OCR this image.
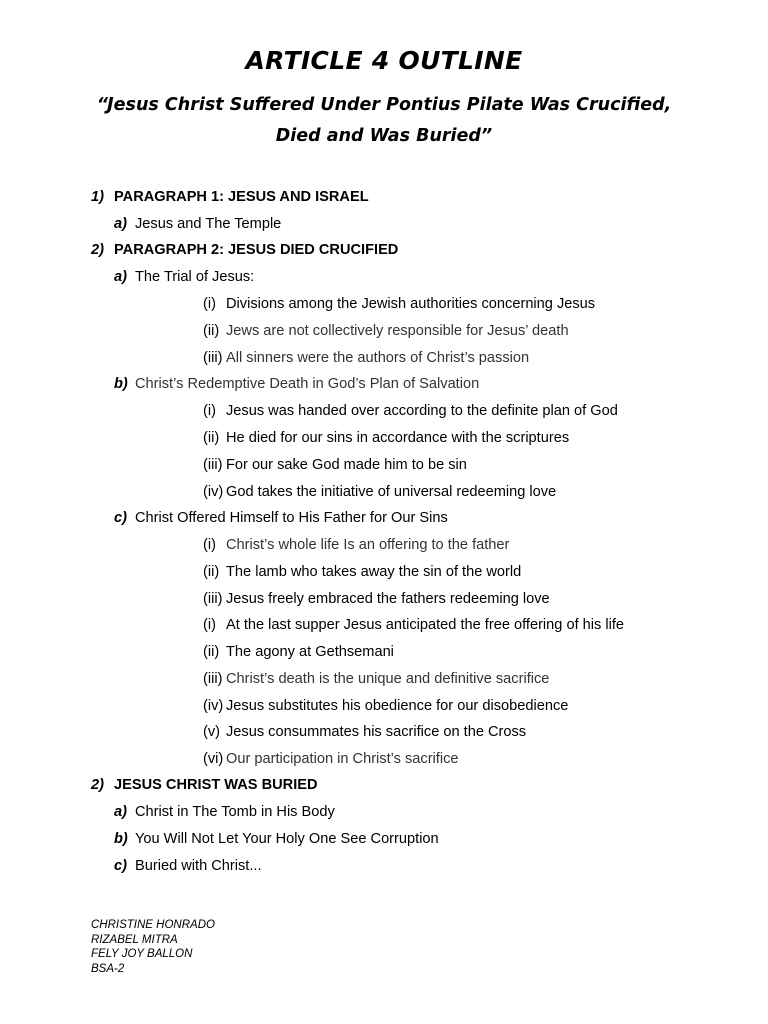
ARTICLE 4 OUTLINE
“Jesus Christ Suffered Under Pontius Pilate Was Crucified,
Died and Was Buried”
1) PARAGRAPH 1: JESUS AND ISRAEL
a) Jesus and The Temple
2) PARAGRAPH 2: JESUS DIED CRUCIFIED
a) The Trial of Jesus:
(i) Divisions among the Jewish authorities concerning Jesus
(ii) Jews are not collectively responsible for Jesus’ death
(iii) All sinners were the authors of Christ’s passion
b) Christ’s Redemptive Death in God’s Plan of Salvation
(i) Jesus was handed over according to the definite plan of God
(ii) He died for our sins in accordance with the scriptures
(iii) For our sake God made him to be sin
(iv) God takes the initiative of universal redeeming love
c) Christ Offered Himself to His Father for Our Sins
(i) Christ’s whole life Is an offering to the father
(ii) The lamb who takes away the sin of the world
(iii) Jesus freely embraced the fathers redeeming love
(i) At the last supper Jesus anticipated the free offering of his life
(ii) The agony at Gethsemani
(iii) Christ’s death is the unique and definitive sacrifice
(iv) Jesus substitutes his obedience for our disobedience
(v) Jesus consummates his sacrifice on the Cross
(vi) Our participation in Christ’s sacrifice
2) JESUS CHRIST WAS BURIED
a) Christ in The Tomb in His Body
b) You Will Not Let Your Holy One See Corruption
c) Buried with Christ...
CHRISTINE HONRADO
RIZABEL MITRA
FELY JOY BALLON
BSA-2
